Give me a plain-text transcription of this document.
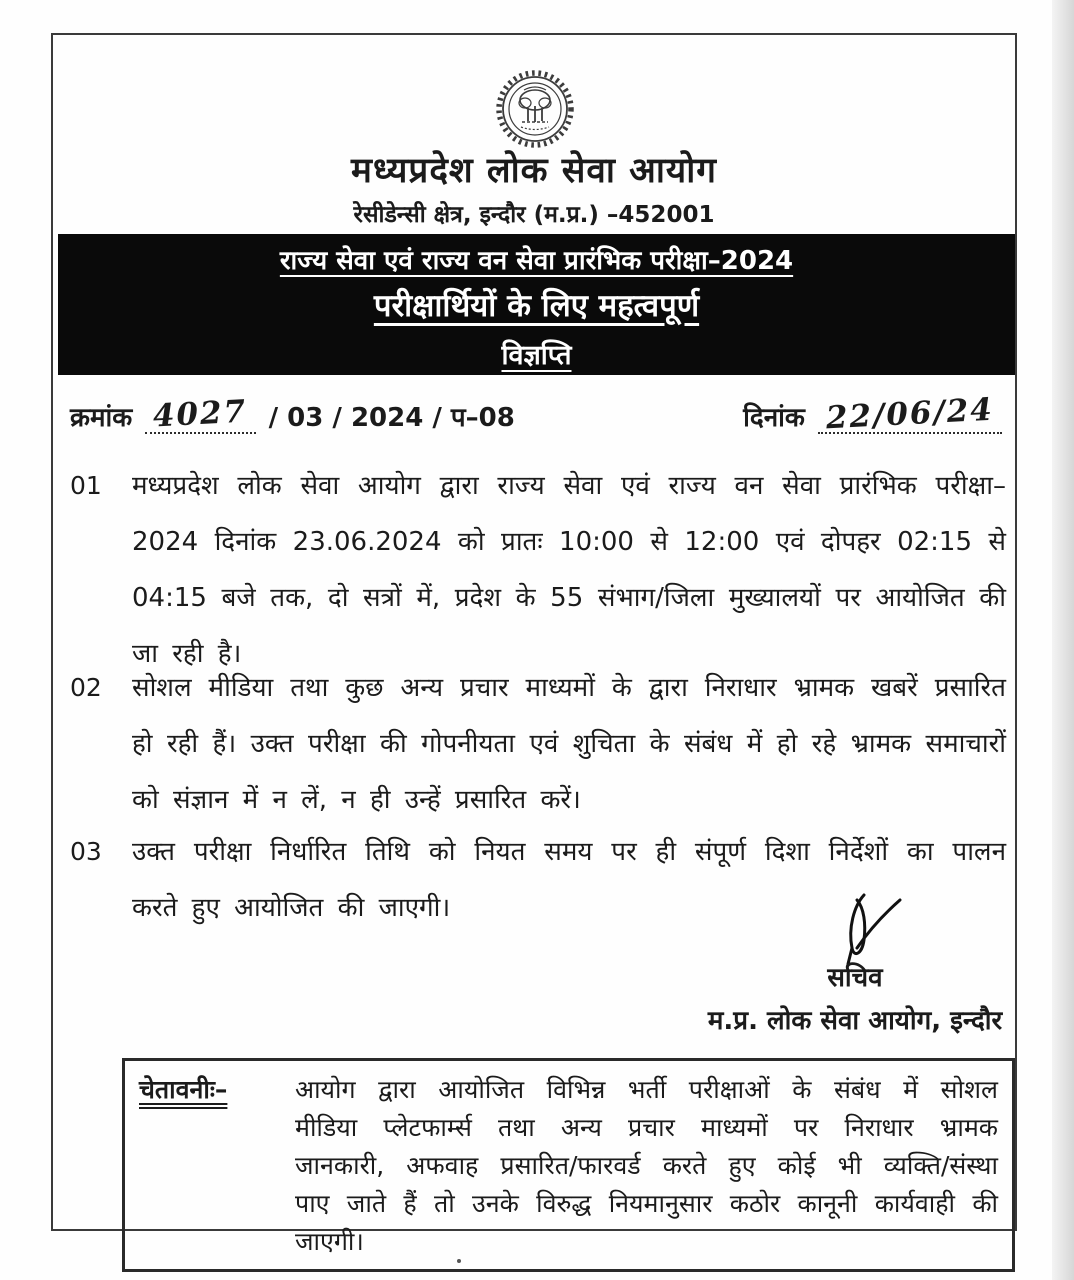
मध्यप्रदेश लोक सेवा आयोग
रेसीडेन्सी क्षेत्र, इन्दौर (म.प्र.) –452001
राज्य सेवा एवं राज्य वन सेवा प्रारंभिक परीक्षा–2024
परीक्षार्थियों के लिए महत्वपूर्ण
विज्ञप्ति
क्रमांक 4027 / 03 / 2024 / प–08	दिनांक 22/06/24
01	मध्यप्रदेश लोक सेवा आयोग द्वारा राज्य सेवा एवं राज्य वन सेवा प्रारंभिक परीक्षा–2024 दिनांक 23.06.2024 को प्रातः 10:00 से 12:00 एवं दोपहर 02:15 से 04:15 बजे तक, दो सत्रों में, प्रदेश के 55 संभाग/जिला मुख्यालयों पर आयोजित की जा रही है।
02	सोशल मीडिया तथा कुछ अन्य प्रचार माध्यमों के द्वारा निराधार भ्रामक खबरें प्रसारित हो रही हैं। उक्त परीक्षा की गोपनीयता एवं शुचिता के संबंध में हो रहे भ्रामक समाचारों को संज्ञान में न लें, न ही उन्हें प्रसारित करें।
03	उक्त परीक्षा निर्धारित तिथि को नियत समय पर ही संपूर्ण दिशा निर्देशों का पालन करते हुए आयोजित की जाएगी।
सचिव
म.प्र. लोक सेवा आयोग, इन्दौर
चेतावनीः–	आयोग द्वारा आयोजित विभिन्न भर्ती परीक्षाओं के संबंध में सोशल मीडिया प्लेटफार्म्स तथा अन्य प्रचार माध्यमों पर निराधार भ्रामक जानकारी, अफवाह प्रसारित/फारवर्ड करते हुए कोई भी व्यक्ति/संस्था पाए जाते हैं तो उनके विरुद्ध नियमानुसार कठोर कानूनी कार्यवाही की जाएगी।
